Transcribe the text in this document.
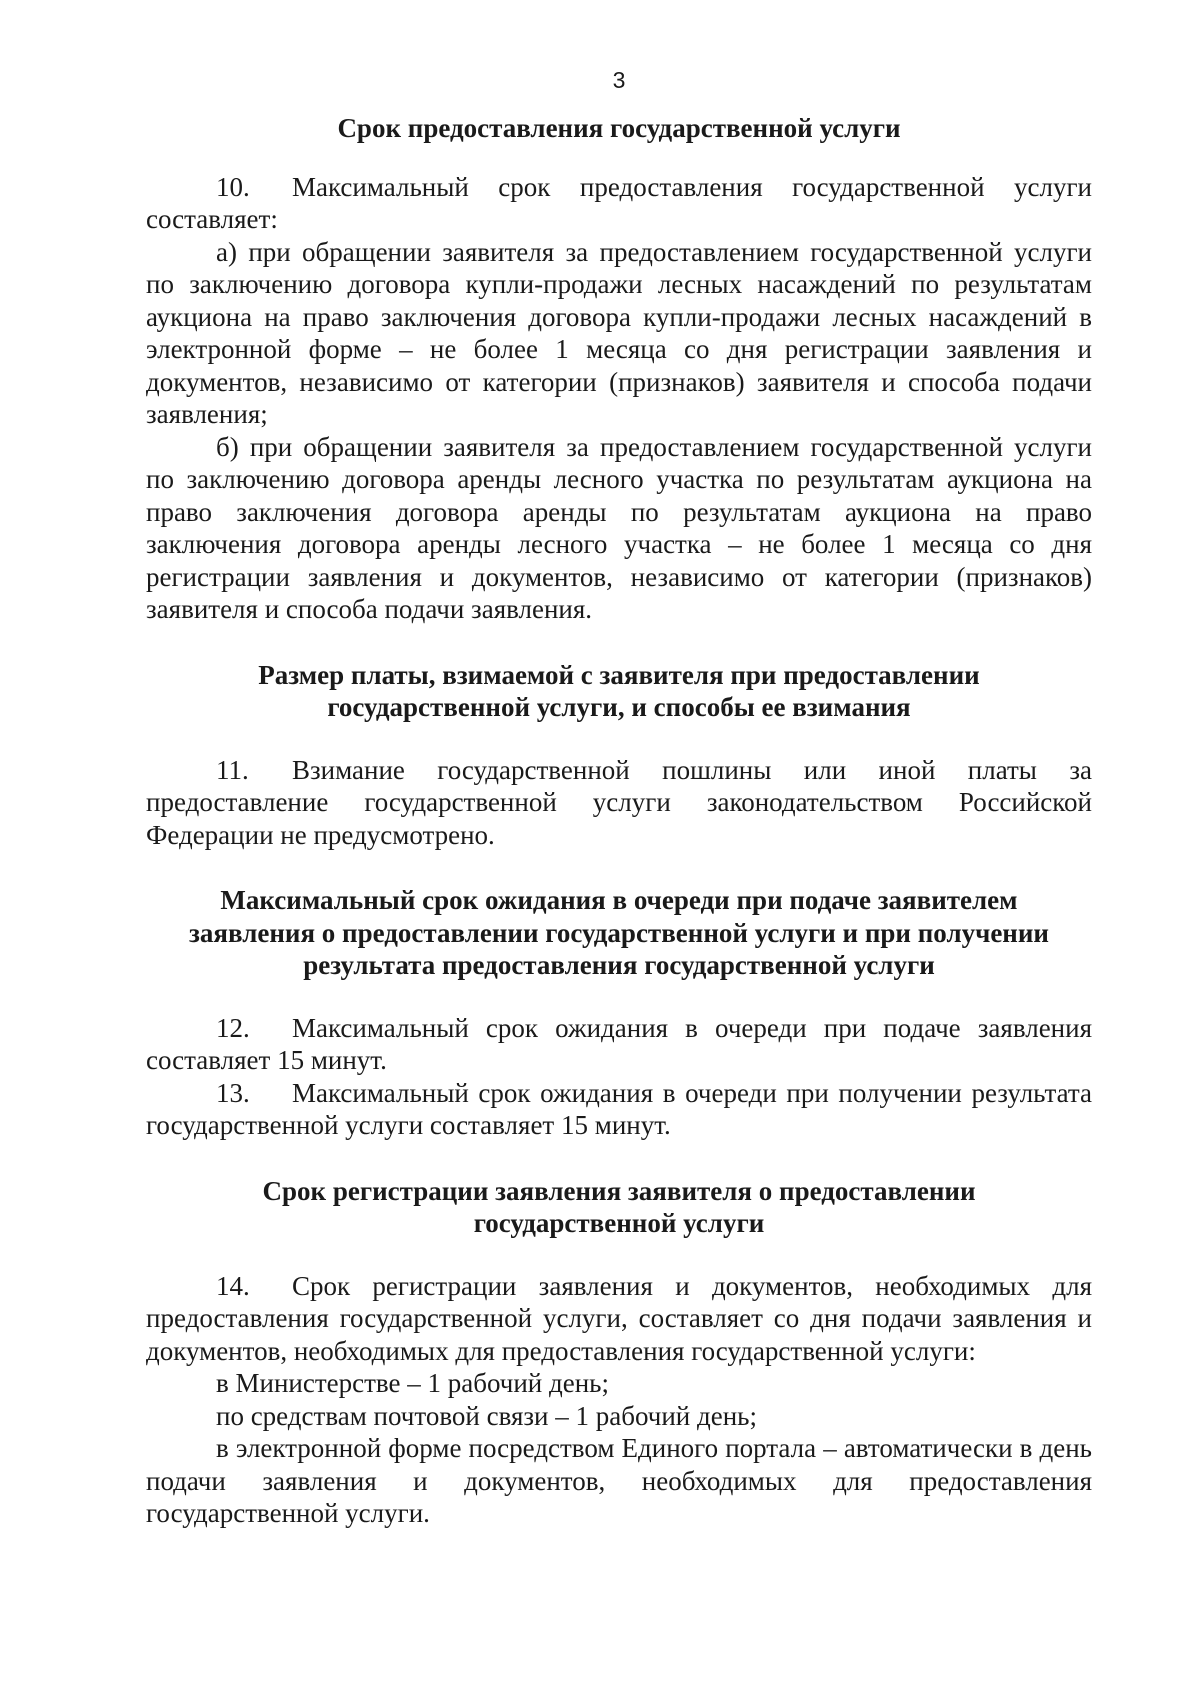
3
Срок предоставления государственной услуги

10. Максимальный срок предоставления государственной услуги составляет:

а) при обращении заявителя за предоставлением государственной услуги по заключению договора купли-продажи лесных насаждений по результатам аукциона на право заключения договора купли-продажи лесных насаждений в электронной форме – не более 1 месяца со дня регистрации заявления и документов, независимо от категории (признаков) заявителя и способа подачи заявления;

б) при обращении заявителя за предоставлением государственной услуги по заключению договора аренды лесного участка по результатам аукциона на право заключения договора аренды по результатам аукциона на право заключения договора аренды лесного участка – не более 1 месяца со дня регистрации заявления и документов, независимо от категории (признаков) заявителя и способа подачи заявления.

Размер платы, взимаемой с заявителя при предоставлении
государственной услуги, и способы ее взимания

11. Взимание государственной пошлины или иной платы за предоставление государственной услуги законодательством Российской Федерации не предусмотрено.

Максимальный срок ожидания в очереди при подаче заявителем
заявления о предоставлении государственной услуги и при получении
результата предоставления государственной услуги

12. Максимальный срок ожидания в очереди при подаче заявления составляет 15 минут.

13. Максимальный срок ожидания в очереди при получении результата государственной услуги составляет 15 минут.

Срок регистрации заявления заявителя о предоставлении
государственной услуги

14. Срок регистрации заявления и документов, необходимых для предоставления государственной услуги, составляет со дня подачи заявления и документов, необходимых для предоставления государственной услуги:

в Министерстве – 1 рабочий день;

по средствам почтовой связи – 1 рабочий день;

в электронной форме посредством Единого портала – автоматически в день подачи заявления и документов, необходимых для предоставления государственной услуги.
